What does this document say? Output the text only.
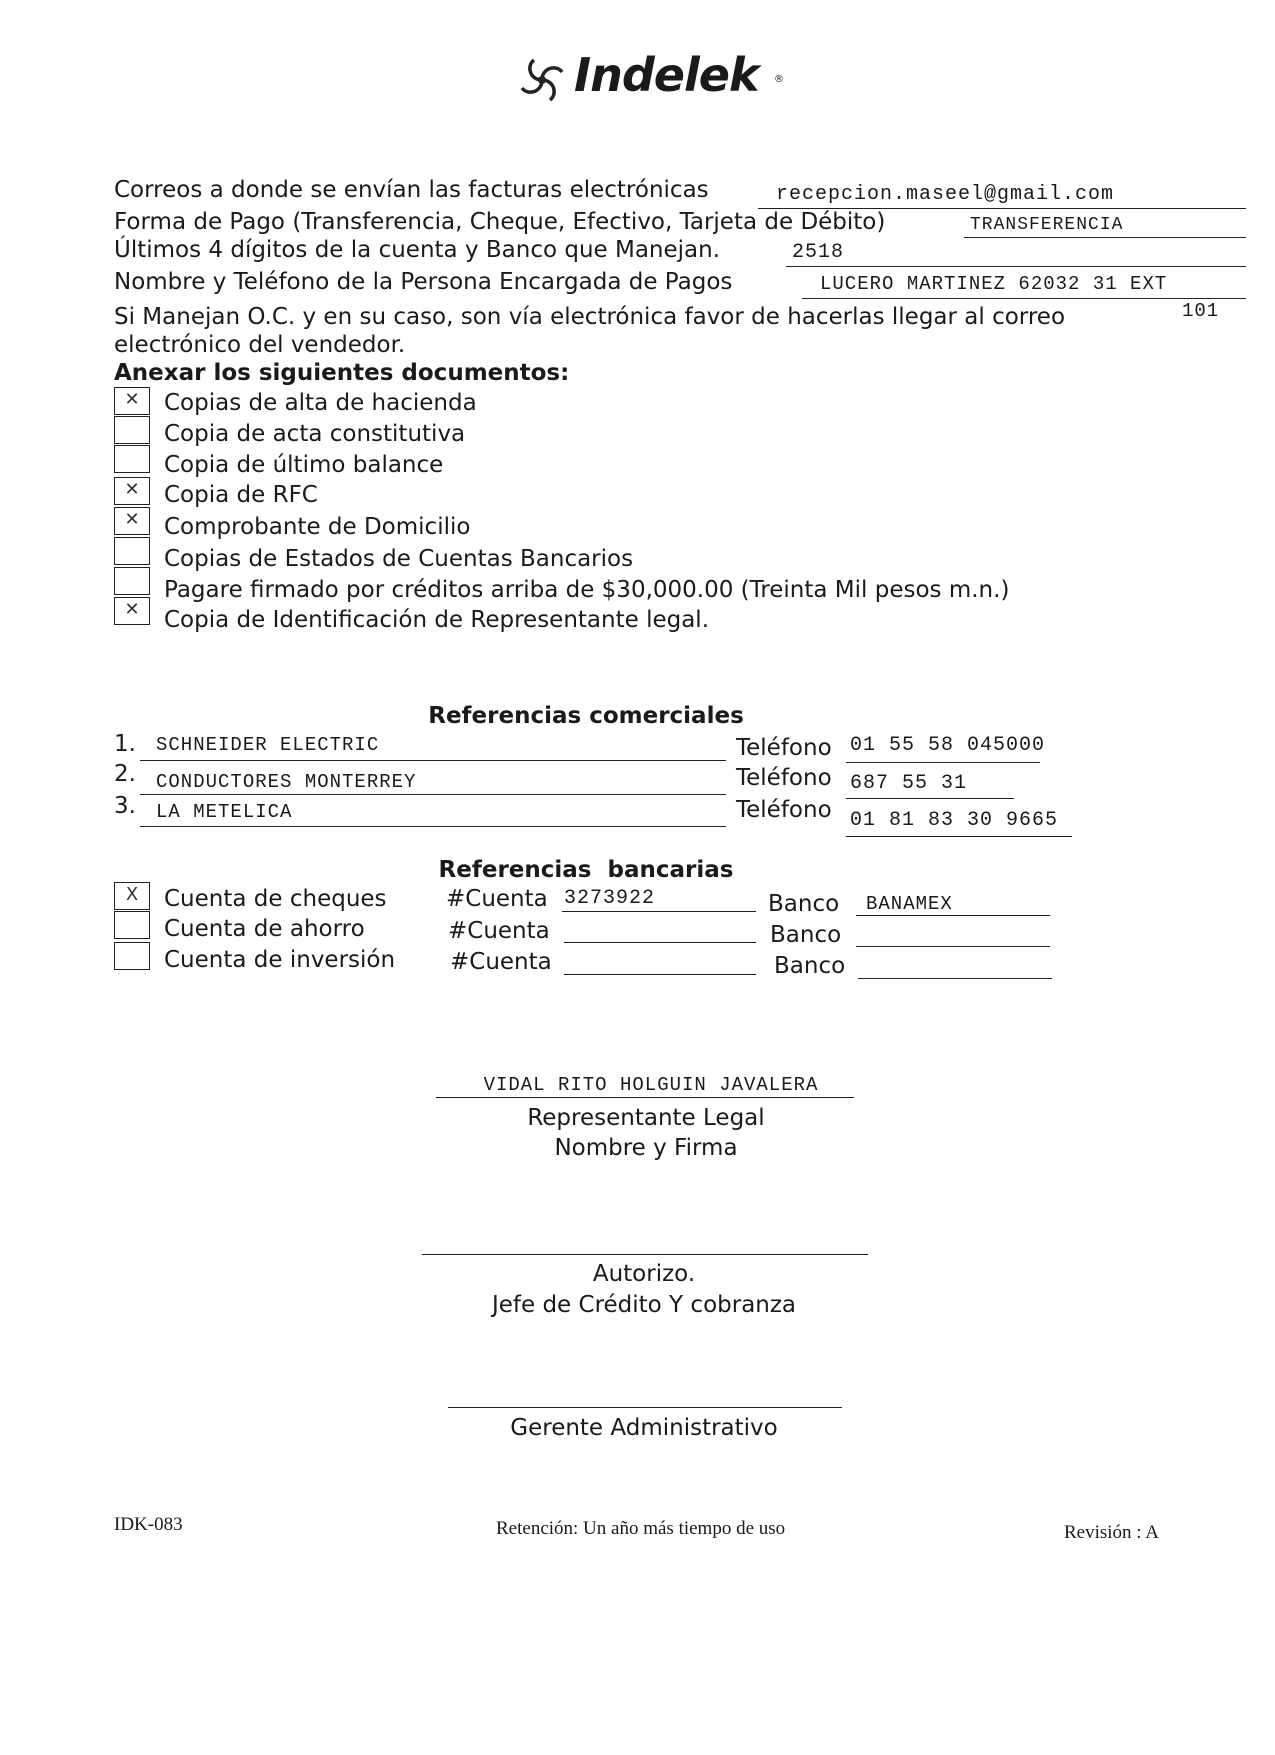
Indelek ®
Correos a donde se envían las facturas electrónicas	recepcion.maseel@gmail.com
Forma de Pago (Transferencia, Cheque, Efectivo, Tarjeta de Débito)	TRANSFERENCIA
Últimos 4 dígitos de la cuenta y Banco que Manejan.	2518
Nombre y Teléfono de la Persona Encargada de Pagos	LUCERO MARTINEZ 62032 31 EXT
101
Si Manejan O.C. y en su caso, son vía electrónica favor de hacerlas llegar al correo
electrónico del vendedor.
Anexar los siguientes documentos:
✕	Copias de alta de hacienda
Copia de acta constitutiva
Copia de último balance
✕	Copia de RFC
✕	Comprobante de Domicilio
Copias de Estados de Cuentas Bancarios
Pagare firmado por créditos arriba de $30,000.00 (Treinta Mil pesos m.n.)
✕	Copia de Identificación de Representante legal.
Referencias comerciales
1. SCHNEIDER ELECTRIC	Teléfono 01 55 58 045000
2. CONDUCTORES MONTERREY	Teléfono 687 55 31
3. LA METELICA	Teléfono 01 81 83 30 9665
Referencias  bancarias
X	Cuenta de cheques	#Cuenta 3273922	Banco BANAMEX
Cuenta de ahorro	#Cuenta	Banco
Cuenta de inversión #Cuenta	Banco
VIDAL RITO HOLGUIN JAVALERA
Representante Legal
Nombre y Firma
Autorizo.
Jefe de Crédito Y cobranza
Gerente Administrativo
IDK-083	Retención: Un año más tiempo de uso	Revisión : A
